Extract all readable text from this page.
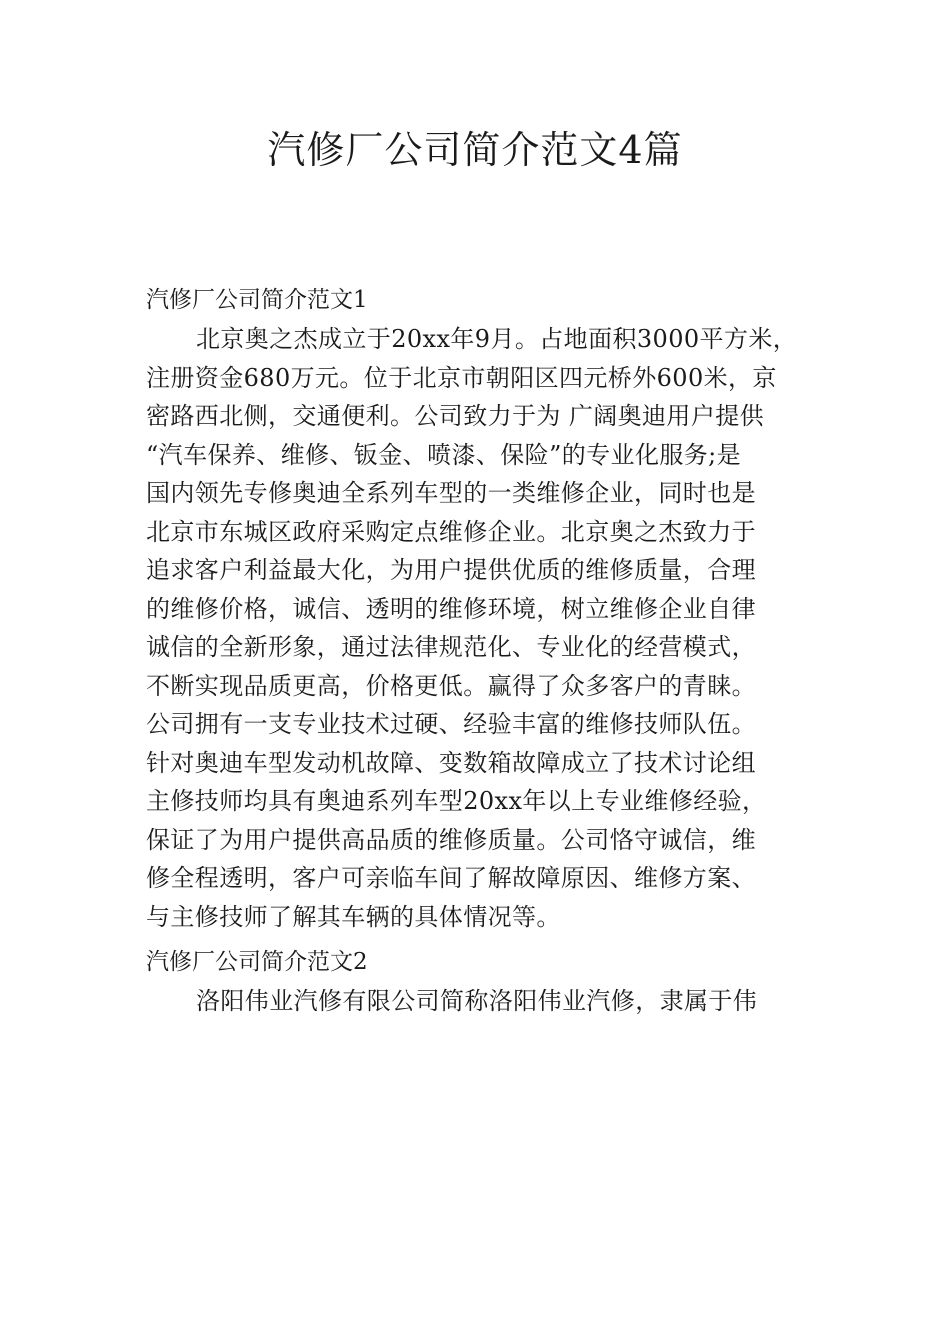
汽修厂公司简介范文4篇

汽修厂公司简介范文1

北京奥之杰成立于20xx年9月。占地面积3000平方米，
注册资金680万元。位于北京市朝阳区四元桥外600米，京
密路西北侧，交通便利。公司致力于为 广阔奥迪用户提供
“汽车保养、维修、钣金、喷漆、保险”的专业化服务;是
国内领先专修奥迪全系列车型的一类维修企业，同时也是
北京市东城区政府采购定点维修企业。北京奥之杰致力于
追求客户利益最大化，为用户提供优质的维修质量，合理
的维修价格，诚信、透明的维修环境，树立维修企业自律
诚信的全新形象，通过法律规范化、专业化的经营模式，
不断实现品质更高，价格更低。赢得了众多客户的青睐。
公司拥有一支专业技术过硬、经验丰富的维修技师队伍。
针对奥迪车型发动机故障、变数箱故障成立了技术讨论组
主修技师均具有奥迪系列车型20xx年以上专业维修经验，
保证了为用户提供高品质的维修质量。公司恪守诚信，维
修全程透明，客户可亲临车间了解故障原因、维修方案、
与主修技师了解其车辆的具体情况等。

汽修厂公司简介范文2

洛阳伟业汽修有限公司简称洛阳伟业汽修，隶属于伟
